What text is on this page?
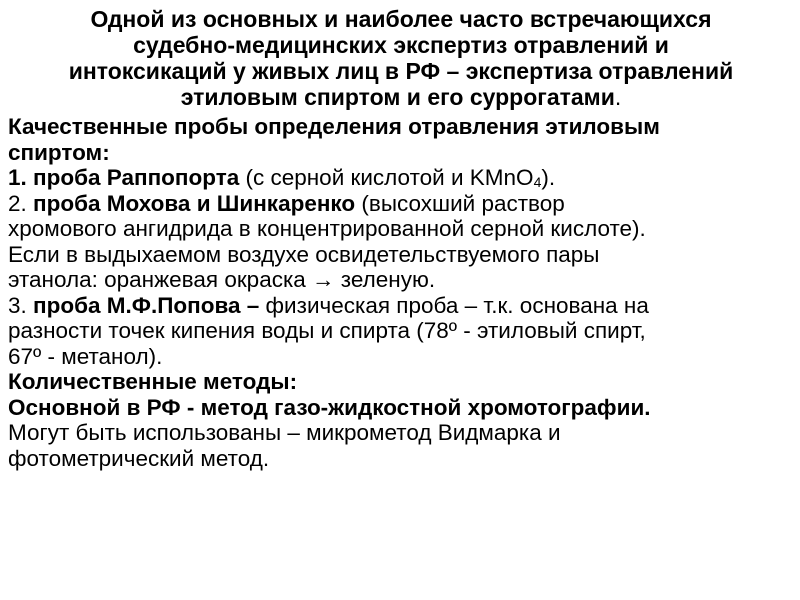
Одной из основных и наиболее часто встречающихся
судебно-медицинских экспертиз отравлений и
интоксикаций у живых лиц в РФ – экспертиза отравлений
этиловым спиртом и его суррогатами.
Качественные пробы определения отравления этиловым
спиртом:
1. проба Раппопорта (с серной кислотой и KMnO$_4$).
2. проба Мохова и Шинкаренко (высохший раствор
хромового ангидрида в концентрированной серной кислоте).
Если в выдыхаемом воздухе освидетельствуемого пары
этанола: оранжевая окраска → зеленую.
3. проба М.Ф.Попова – физическая проба – т.к. основана на
разности точек кипения воды и спирта (78º - этиловый спирт,
67º - метанол).
Количественные методы:
Основной в РФ - метод газо-жидкостной хромотографии.
Могут быть использованы – микрометод Видмарка и
фотометрический метод.
